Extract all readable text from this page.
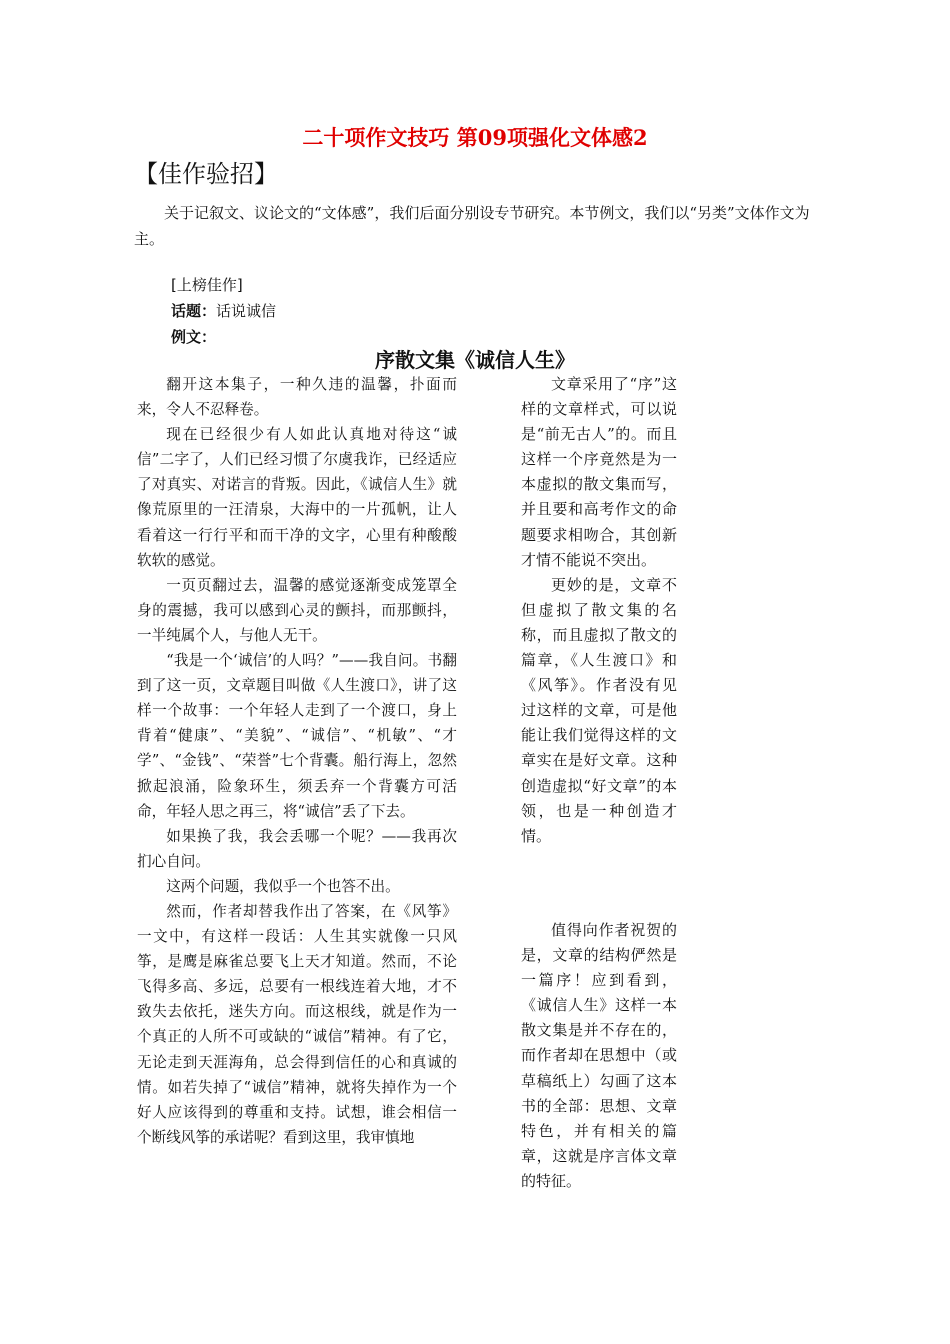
二十项作文技巧 第09项强化文体感2
【佳作验招】

关于记叙文、议论文的“文体感”，我们后面分别设专节研究。本节例文，我们以“另类”文体作文为主。

[上榜佳作]
话题：话说诚信
例文：
序散文集《诚信人生》

翻开这本集子，一种久违的温馨，扑面而来，令人不忍释卷。

现在已经很少有人如此认真地对待这“诚信”二字了，人们已经习惯了尔虞我诈，已经适应了对真实、对诺言的背叛。因此，《诚信人生》就像荒原里的一汪清泉，大海中的一片孤帆，让人看着这一行行平和而干净的文字，心里有种酸酸软软的感觉。

一页页翻过去，温馨的感觉逐渐变成笼罩全身的震撼，我可以感到心灵的颤抖，而那颤抖，一半纯属个人，与他人无干。

“我是一个‘诚信’的人吗？”——我自问。书翻到了这一页，文章题目叫做《人生渡口》，讲了这样一个故事：一个年轻人走到了一个渡口，身上背着“健康”、“美貌”、“诚信”、“机敏”、“才学”、“金钱”、“荣誉”七个背囊。船行海上，忽然掀起浪涌，险象环生，须丢弃一个背囊方可活命，年轻人思之再三，将“诚信”丢了下去。

如果换了我，我会丢哪一个呢？——我再次扪心自问。

这两个问题，我似乎一个也答不出。

然而，作者却替我作出了答案，在《风筝》一文中，有这样一段话：人生其实就像一只风筝，是鹰是麻雀总要飞上天才知道。然而，不论飞得多高、多远，总要有一根线连着大地，才不致失去依托，迷失方向。而这根线，就是作为一个真正的人所不可或缺的“诚信”精神。有了它，无论走到天涯海角，总会得到信任的心和真诚的情。如若失掉了“诚信”精神，就将失掉作为一个好人应该得到的尊重和支持。试想，谁会相信一个断线风筝的承诺呢？看到这里，我审慎地

文章采用了“序”这样的文章样式，可以说是“前无古人”的。而且这样一个序竟然是为一本虚拟的散文集而写，并且要和高考作文的命题要求相吻合，其创新才情不能说不突出。

更妙的是，文章不但虚拟了散文集的名称，而且虚拟了散文的篇章，《人生渡口》和《风筝》。作者没有见过这样的文章，可是他能让我们觉得这样的文章实在是好文章。这种创造虚拟“好文章”的本领，也是一种创造才情。

值得向作者祝贺的是，文章的结构俨然是一篇序！应到看到，《诚信人生》这样一本散文集是并不存在的，而作者却在思想中（或草稿纸上）勾画了这本书的全部：思想、文章特色，并有相关的篇章，这就是序言体文章的特征。
